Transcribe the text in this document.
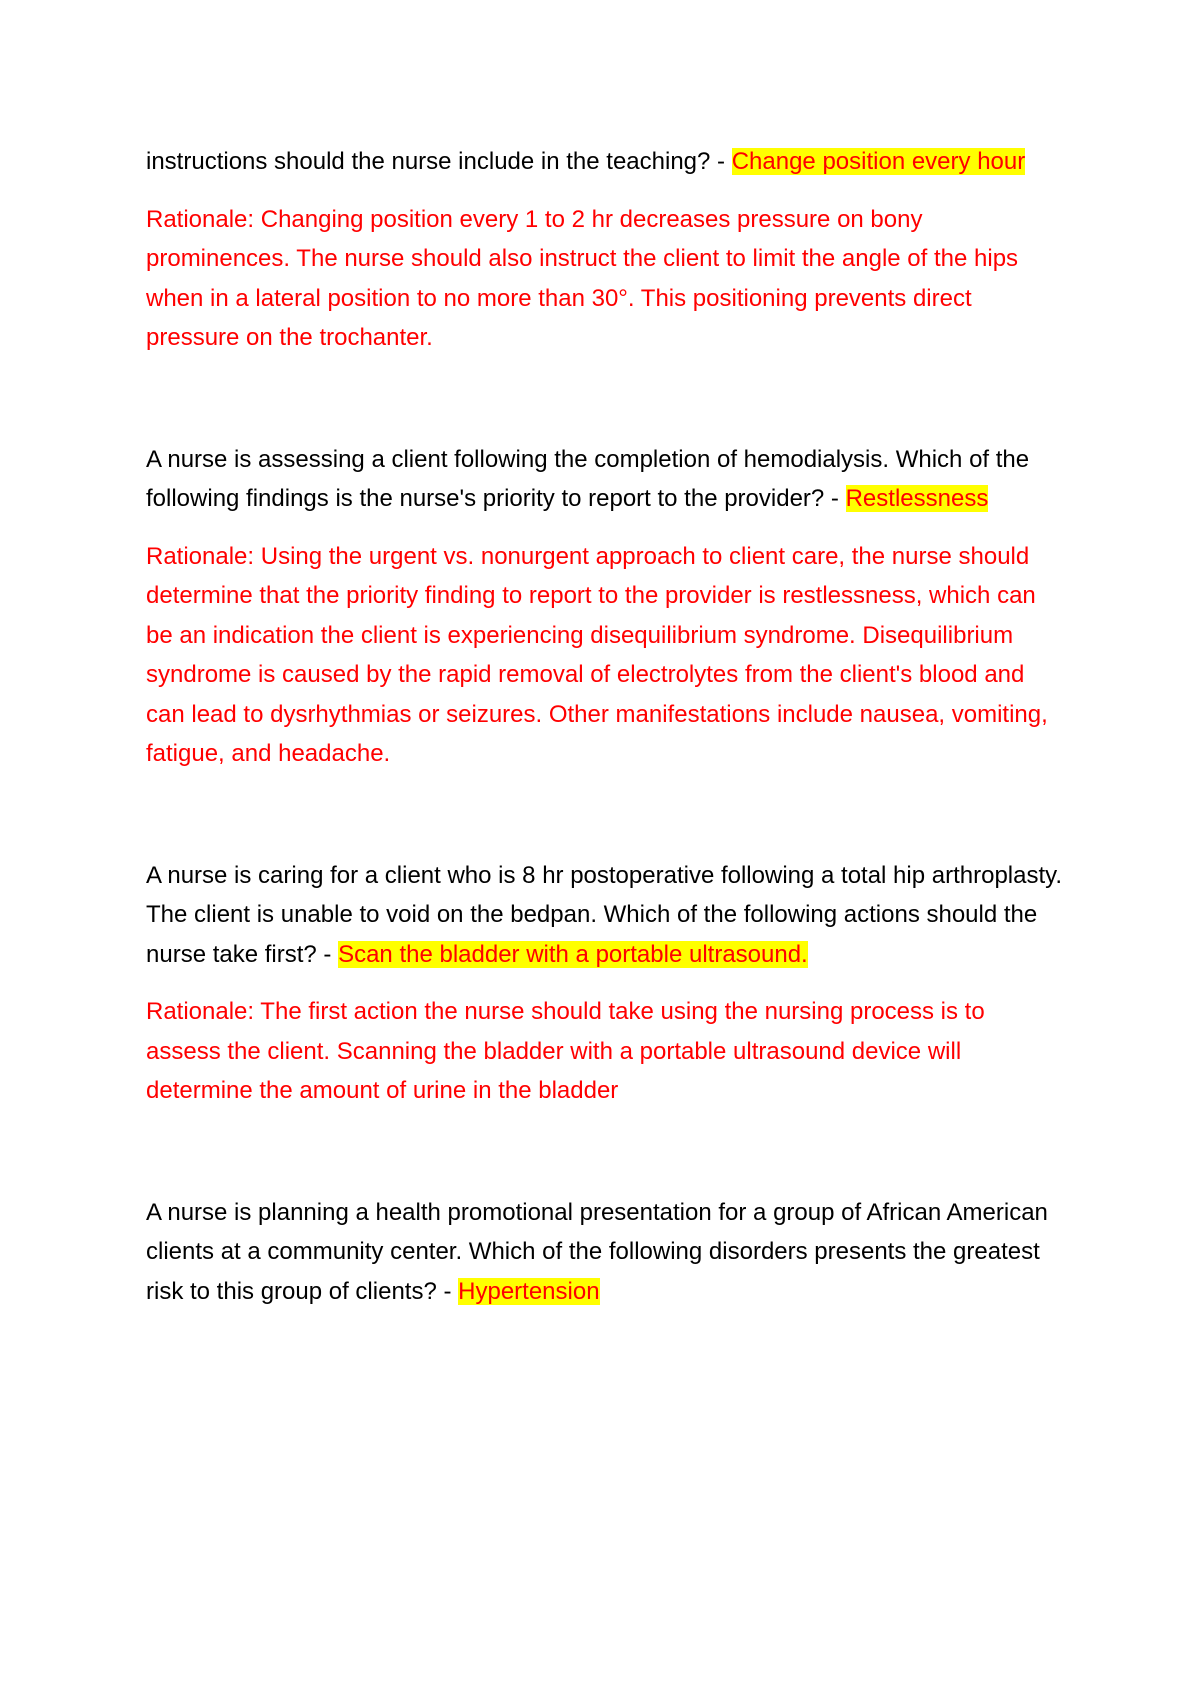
instructions should the nurse include in the teaching? - Change position every hour

Rationale: Changing position every 1 to 2 hr decreases pressure on bony prominences. The nurse should also instruct the client to limit the angle of the hips when in a lateral position to no more than 30°. This positioning prevents direct pressure on the trochanter.

A nurse is assessing a client following the completion of hemodialysis. Which of the following findings is the nurse's priority to report to the provider? - Restlessness

Rationale: Using the urgent vs. nonurgent approach to client care, the nurse should determine that the priority finding to report to the provider is restlessness, which can be an indication the client is experiencing disequilibrium syndrome. Disequilibrium syndrome is caused by the rapid removal of electrolytes from the client's blood and can lead to dysrhythmias or seizures. Other manifestations include nausea, vomiting, fatigue, and headache.

A nurse is caring for a client who is 8 hr postoperative following a total hip arthroplasty. The client is unable to void on the bedpan. Which of the following actions should the nurse take first? - Scan the bladder with a portable ultrasound.

Rationale: The first action the nurse should take using the nursing process is to assess the client. Scanning the bladder with a portable ultrasound device will determine the amount of urine in the bladder

A nurse is planning a health promotional presentation for a group of African American clients at a community center. Which of the following disorders presents the greatest risk to this group of clients? - Hypertension
